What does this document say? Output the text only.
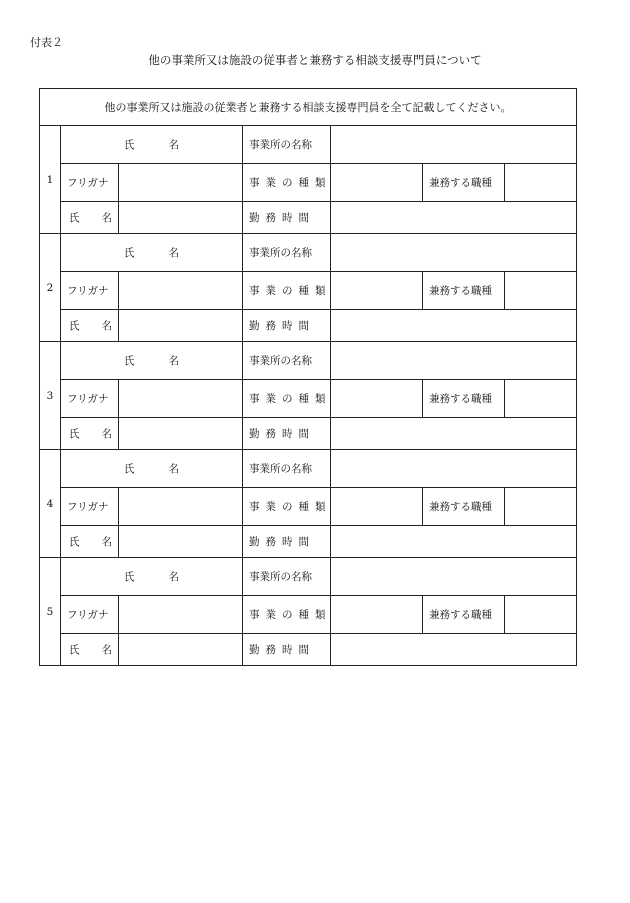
付表２
他の事業所又は施設の従事者と兼務する相談支援専門員について
他の事業所又は施設の従業者と兼務する相談支援専門員を全て記載してください。						
1	氏 名		事業所の名称			
	フリガナ		事業の種類		兼務する職種	
	氏 名		勤務時間			
2	氏 名		事業所の名称			
	フリガナ		事業の種類		兼務する職種	
	氏 名		勤務時間			
3	氏 名		事業所の名称			
	フリガナ		事業の種類		兼務する職種	
	氏 名		勤務時間			
4	氏 名		事業所の名称			
	フリガナ		事業の種類		兼務する職種	
	氏 名		勤務時間			
5	氏 名		事業所の名称			
	フリガナ		事業の種類		兼務する職種	
	氏 名		勤務時間			
